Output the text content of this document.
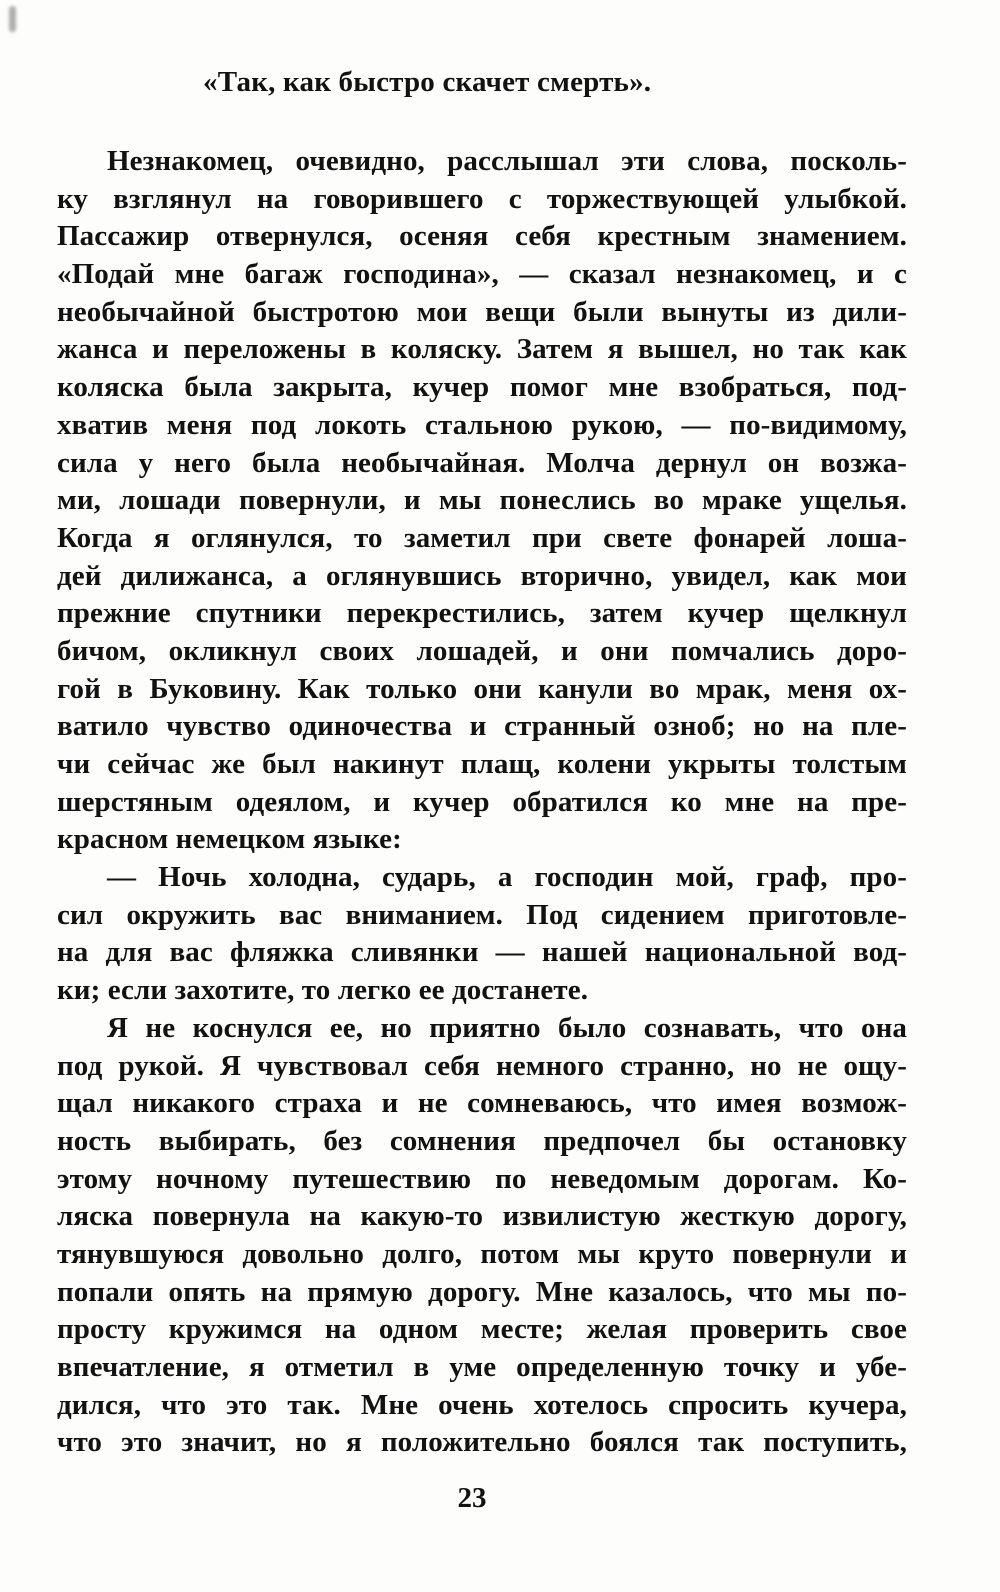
«Так, как быстро скачет смерть».
Незнакомец, очевидно, расслышал эти слова, посколь-
ку взглянул на говорившего с торжествующей улыбкой.
Пассажир отвернулся, осеняя себя крестным знамением.
«Подай мне багаж господина», — сказал незнакомец, и с
необычайной быстротою мои вещи были вынуты из дили-
жанса и переложены в коляску. Затем я вышел, но так как
коляска была закрыта, кучер помог мне взобраться, под-
хватив меня под локоть стальною рукою, — по-видимому,
сила у него была необычайная. Молча дернул он возжа-
ми, лошади повернули, и мы понеслись во мраке ущелья.
Когда я оглянулся, то заметил при свете фонарей лоша-
дей дилижанса, а оглянувшись вторично, увидел, как мои
прежние спутники перекрестились, затем кучер щелкнул
бичом, окликнул своих лошадей, и они помчались доро-
гой в Буковину. Как только они канули во мрак, меня ох-
ватило чувство одиночества и странный озноб; но на пле-
чи сейчас же был накинут плащ, колени укрыты толстым
шерстяным одеялом, и кучер обратился ко мне на пре-
красном немецком языке:
— Ночь холодна, сударь, а господин мой, граф, про-
сил окружить вас вниманием. Под сидением приготовле-
на для вас фляжка сливянки — нашей национальной вод-
ки; если захотите, то легко ее достанете.
Я не коснулся ее, но приятно было сознавать, что она
под рукой. Я чувствовал себя немного странно, но не ощу-
щал никакого страха и не сомневаюсь, что имея возмож-
ность выбирать, без сомнения предпочел бы остановку
этому ночному путешествию по неведомым дорогам. Ко-
ляска повернула на какую-то извилистую жесткую дорогу,
тянувшуюся довольно долго, потом мы круто повернули и
попали опять на прямую дорогу. Мне казалось, что мы по-
просту кружимся на одном месте; желая проверить свое
впечатление, я отметил в уме определенную точку и убе-
дился, что это так. Мне очень хотелось спросить кучера,
что это значит, но я положительно боялся так поступить,
23
